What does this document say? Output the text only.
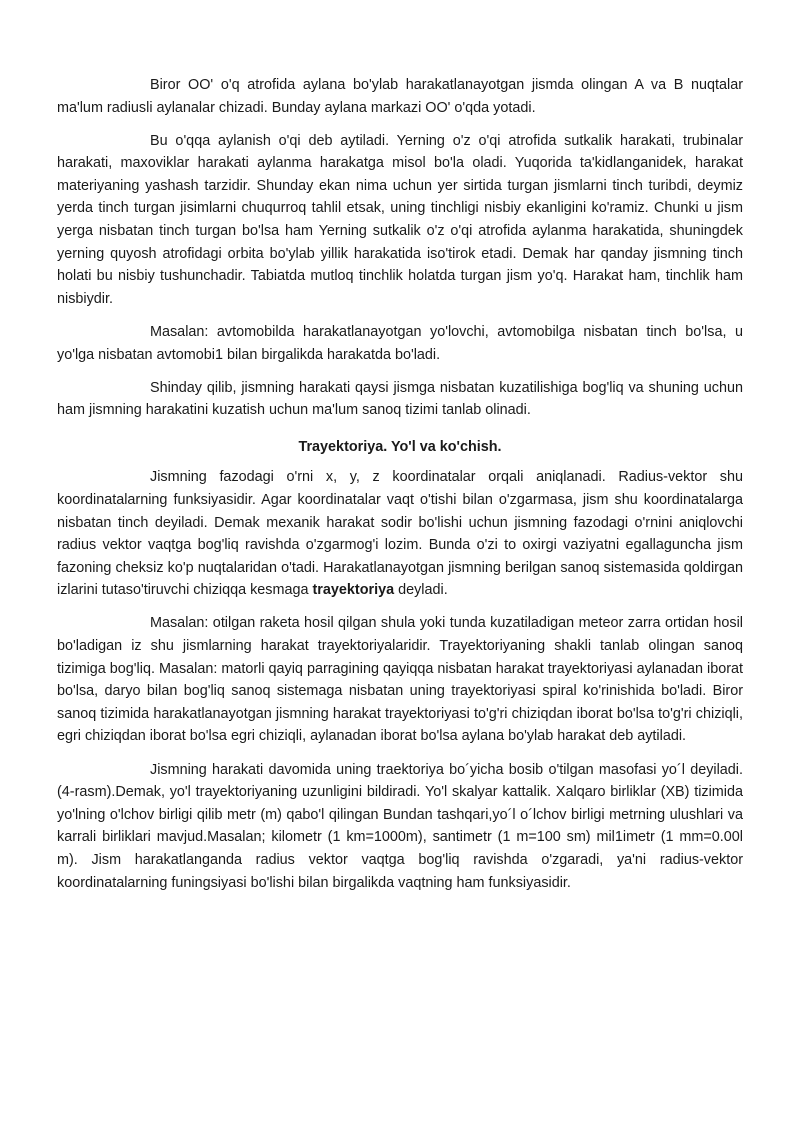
Biror OO' o'q atrofida aylana bo'ylab harakatlanayotgan jismda olingan A va B nuqtalar ma'lum radiusli aylanalar chizadi. Bunday aylana markazi OO' o'qda yotadi.

Bu o'qqa aylanish o'qi deb aytiladi. Yerning o'z o'qi atrofida sutkalik harakati, trubinalar harakati, maxoviklar harakati aylanma harakatga misol bo'la oladi. Yuqorida ta'kidlanganidek, harakat materiyaning yashash tarzidir. Shunday ekan nima uchun yer sirtida turgan jismlarni tinch turibdi, deymiz yerda tinch turgan jisimlarni chuqurroq tahlil etsak, uning tinchligi nisbiy ekanligini ko'ramiz. Chunki u jism yerga nisbatan tinch turgan bo'lsa ham Yerning sutkalik o'z o'qi atrofida aylanma harakatida, shuningdek yerning quyosh atrofidagi orbita bo'ylab yillik harakatida iso'tirok etadi. Demak har qanday jismning tinch holati bu nisbiy tushunchadir. Tabiatda mutloq tinchlik holatda turgan jism yo'q. Harakat ham, tinchlik ham nisbiydir.

Masalan: avtomobilda harakatlanayotgan yo'lovchi, avtomobilga nisbatan tinch bo'lsa, u yo'lga nisbatan avtomobi1 bilan birgalikda harakatda bo'ladi.

Shinday qilib, jismning harakati qaysi jismga nisbatan kuzatilishiga bog'liq va shuning uchun ham jismning harakatini kuzatish uchun ma'lum sanoq tizimi tanlab olinadi.

Trayektoriya. Yo'l va ko'chish.

Jismning fazodagi o'rni x, y, z koordinatalar orqali aniqlanadi. Radius-vektor shu koordinatalarning funksiyasidir. Agar koordinatalar vaqt o'tishi bilan o'zgarmasa, jism shu koordinatalarga nisbatan tinch deyiladi. Demak mexanik harakat sodir bo'lishi uchun jismning fazodagi o'rnini aniqlovchi radius vektor vaqtga bog'liq ravishda o'zgarmog'i lozim. Bunda o'zi to oxirgi vaziyatni egallaguncha jism fazoning cheksiz ko'p nuqtalaridan o'tadi. Harakatlanayotgan jismning berilgan sanoq sistemasida qoldirgan izlarini tutaso'tiruvchi chiziqqa kesmaga trayektoriya deyladi.

Masalan: otilgan raketa hosil qilgan shula yoki tunda kuzatiladigan meteor zarra ortidan hosil bo'ladigan iz shu jismlarning harakat trayektoriyalaridir. Trayektoriyaning shakli tanlab olingan sanoq tizimiga bog'liq. Masalan: matorli qayiq parragining qayiqqa nisbatan harakat trayektoriyasi aylanadan iborat bo'lsa, daryo bilan bog'liq sanoq sistemaga nisbatan uning trayektoriyasi spiral ko'rinishida bo'ladi. Biror sanoq tizimida harakatlanayotgan jismning harakat trayektoriyasi to'g'ri chiziqdan iborat bo'lsa to'g'ri chiziqli, egri chiziqdan iborat bo'lsa egri chiziqli, aylanadan iborat bo'lsa aylana bo'ylab harakat deb aytiladi.

Jismning harakati davomida uning traektoriya bo´yicha bosib o'tilgan masofasi yo´l deyiladi. (4-rasm).Demak, yo'l trayektoriyaning uzunligini bildiradi. Yo'l skalyar kattalik. Xalqaro birliklar (XB) tizimida yo'lning o'lchov birligi qilib metr (m) qabo'l qilingan Bundan tashqari,yo´l o´lchov birligi metrning ulushlari va karrali birliklari mavjud.Masalan; kilometr (1 km=1000m), santimetr (1 m=100 sm) mil1imetr (1 mm=0.00l m). Jism harakatlanganda radius vektor vaqtga bog'liq ravishda o'zgaradi, ya'ni radius-vektor koordinatalarning funingsiyasi bo'lishi bilan birgalikda vaqtning ham funksiyasidir.
